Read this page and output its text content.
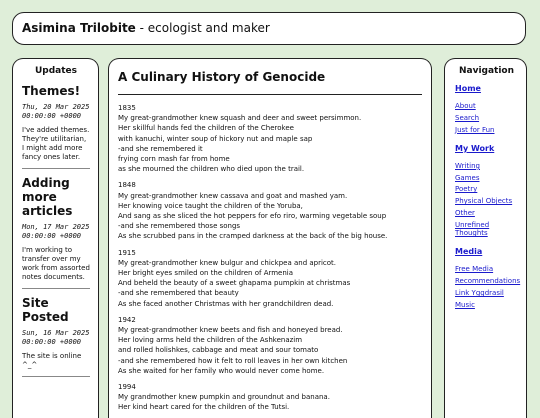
Asimina Trilobite - ecologist and maker
Updates
Themes!
Thu, 20 Mar 2025 00:00:00 +0000
I've added themes. They're utilitarian, I might add more fancy ones later.
Adding more articles
Mon, 17 Mar 2025 00:00:00 +0000
I'm working to transfer over my work from assorted notes documents.
Site Posted
Sun, 16 Mar 2025 00:00:00 +0000
The site is online ^_^
A Culinary History of Genocide
1835
My great-grandmother knew squash and deer and sweet persimmon.
Her skillful hands fed the children of the Cherokee
with kanuchi, winter soup of hickory nut and maple sap
-and she remembered it
frying corn mash far from home
as she mourned the children who died upon the trail.
1848
My great-grandmother knew cassava and goat and mashed yam.
Her knowing voice taught the children of the Yoruba,
And sang as she sliced the hot peppers for efo riro, warming vegetable soup
-and she remembered those songs
As she scrubbed pans in the cramped darkness at the back of the big house.
1915
My great-grandmother knew bulgur and chickpea and apricot.
Her bright eyes smiled on the children of Armenia
And beheld the beauty of a sweet ghapama pumpkin at christmas
-and she remembered that beauty
As she faced another Christmas with her grandchildren dead.
1942
My great-grandmother knew beets and fish and honeyed bread.
Her loving arms held the children of the Ashkenazim
and rolled holishkes, cabbage and meat and sour tomato
-and she remembered how it felt to roll leaves in her own kitchen
As she waited for her family who would never come home.
1994
My grandmother knew pumpkin and groundnut and banana.
Her kind heart cared for the children of the Tutsi.
Navigation
Home
About
Search
Just for Fun
My Work
Writing
Games
Poetry
Physical Objects
Other
Unrefined Thoughts
Media
Free Media
Recommendations
Link Yggdrasil
Music
